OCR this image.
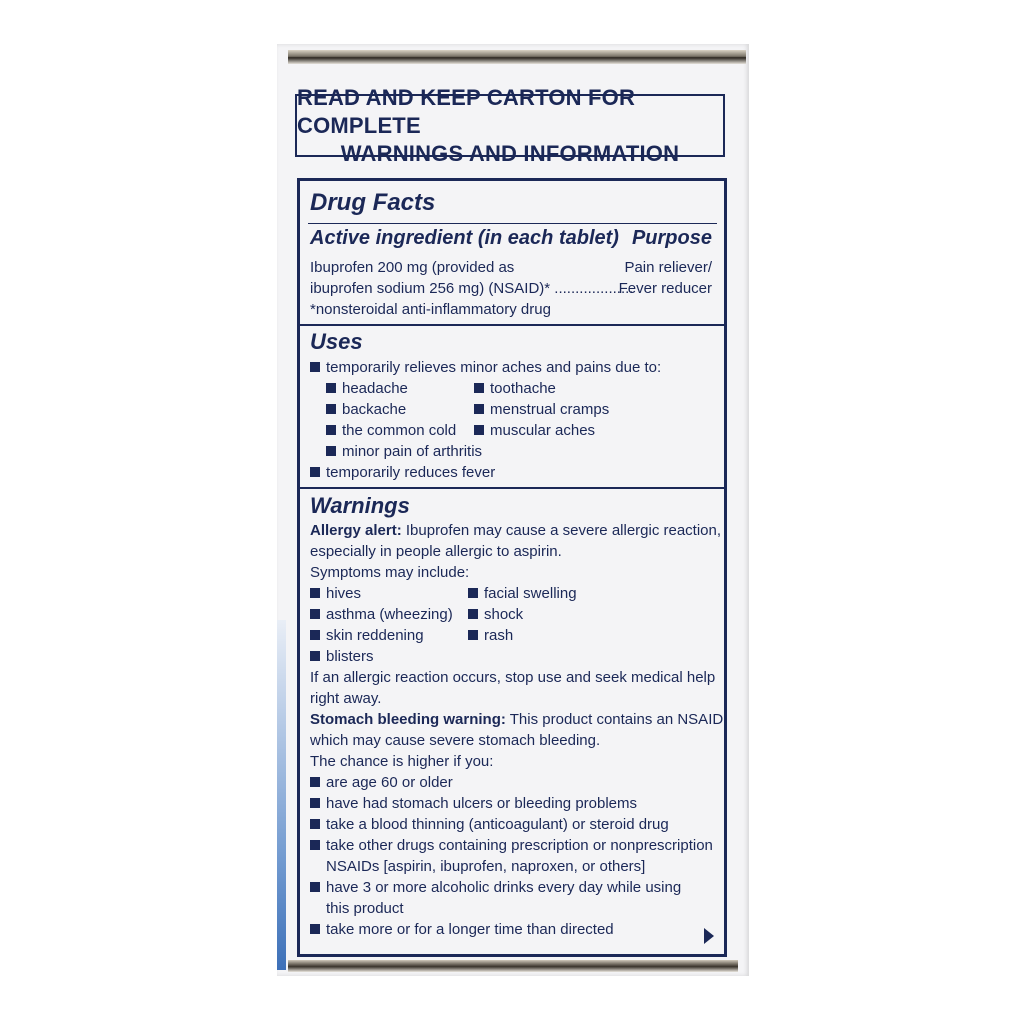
READ AND KEEP CARTON FOR COMPLETE
WARNINGS AND INFORMATION
Drug Facts
Active ingredient (in each tablet) Purpose
Ibuprofen 200 mg (provided as
ibuprofen sodium 256 mg) (NSAID)* ...................
Pain reliever/
Fever reducer
*nonsteroidal anti-inflammatory drug
Uses
temporarily relieves minor aches and pains due to:
headache	toothache
backache	menstrual cramps
the common cold	muscular aches
minor pain of arthritis
temporarily reduces fever
Warnings
Allergy alert: Ibuprofen may cause a severe allergic reaction,
especially in people allergic to aspirin.
Symptoms may include:
hives	facial swelling
asthma (wheezing)	shock
skin reddening	rash
blisters
If an allergic reaction occurs, stop use and seek medical help
right away.
Stomach bleeding warning: This product contains an NSAID,
which may cause severe stomach bleeding.
The chance is higher if you:
are age 60 or older
have had stomach ulcers or bleeding problems
take a blood thinning (anticoagulant) or steroid drug
take other drugs containing prescription or nonprescription
NSAIDs [aspirin, ibuprofen, naproxen, or others]
have 3 or more alcoholic drinks every day while using
this product
take more or for a longer time than directed
